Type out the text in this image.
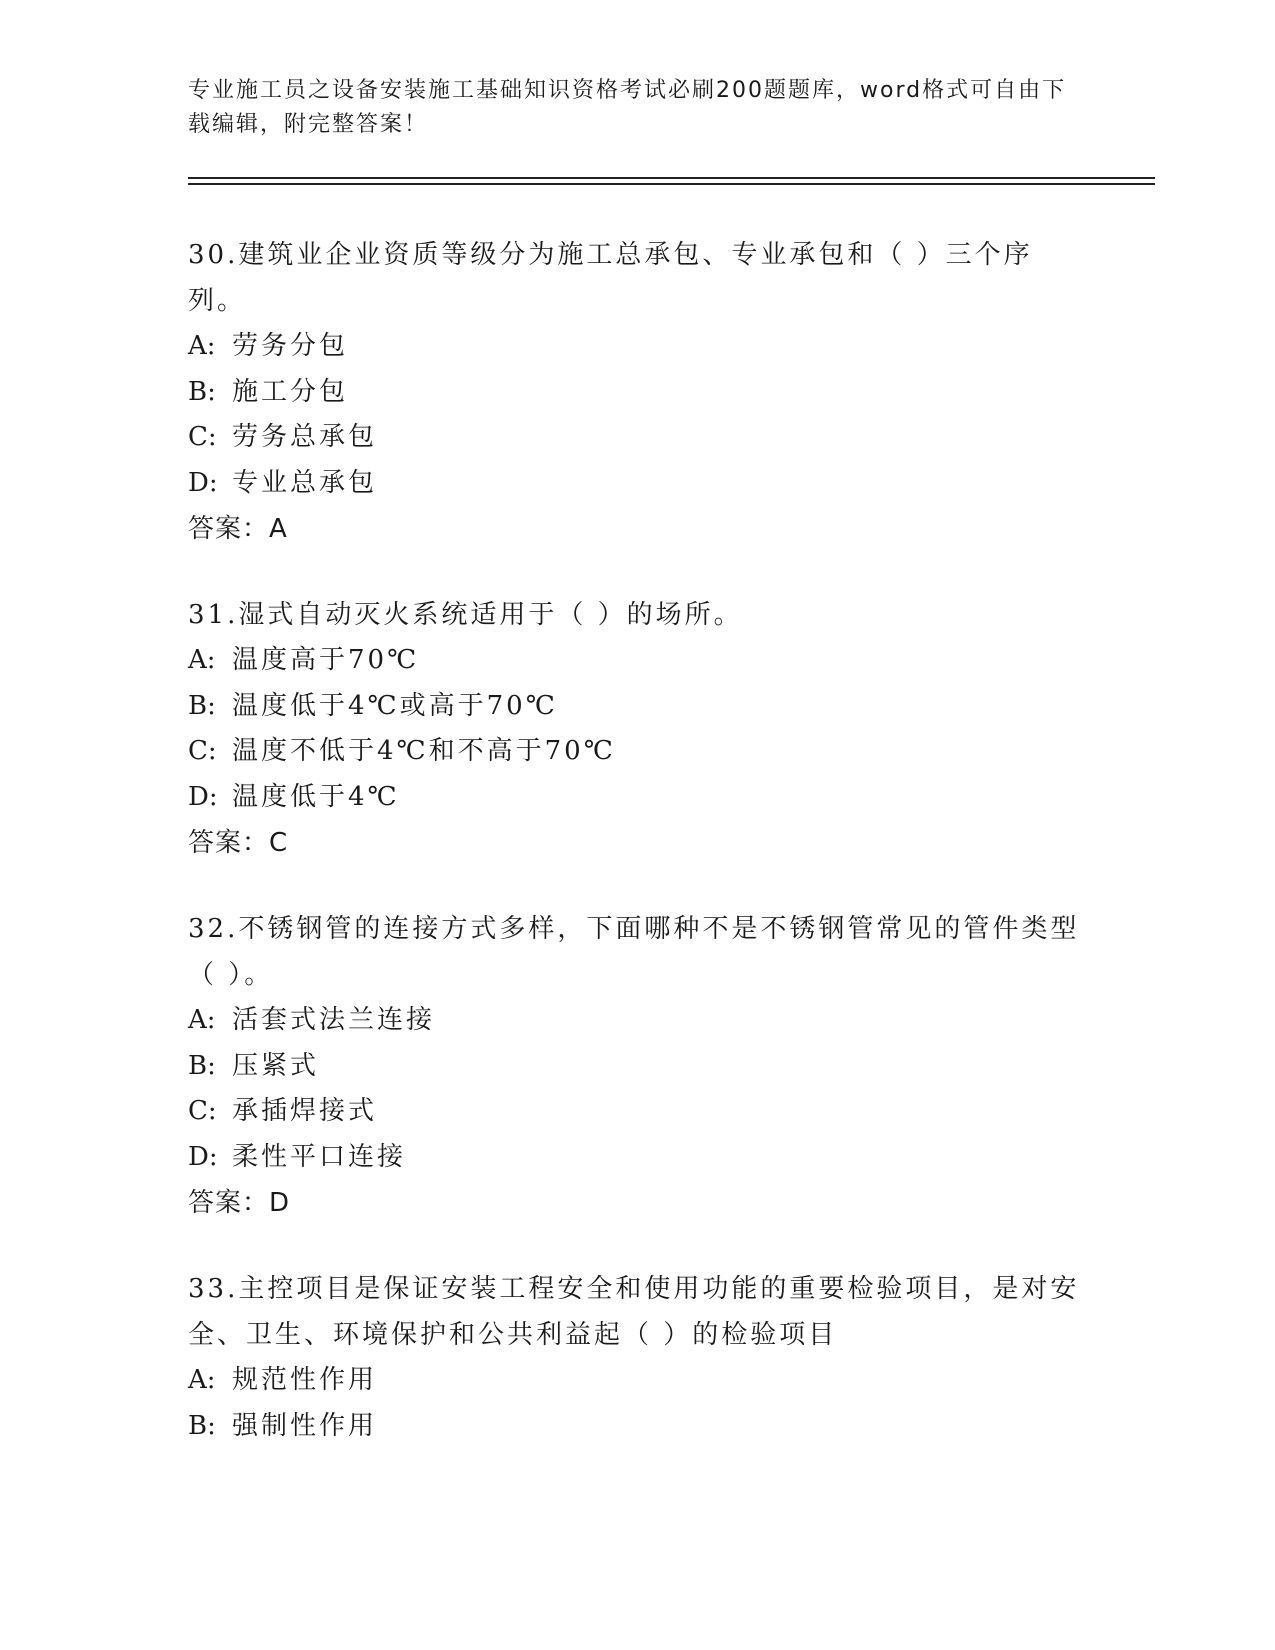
专业施工员之设备安装施工基础知识资格考试必刷200题题库，word格式可自由下载编辑，附完整答案！
30.建筑业企业资质等级分为施工总承包、专业承包和（ ）三个序列。
A: 劳务分包
B: 施工分包
C: 劳务总承包
D: 专业总承包
答案：A
31.湿式自动灭火系统适用于（ ）的场所。
A: 温度高于70℃
B: 温度低于4℃或高于70℃
C: 温度不低于4℃和不高于70℃
D: 温度低于4℃
答案：C
32.不锈钢管的连接方式多样，下面哪种不是不锈钢管常见的管件类型（ ）。
A: 活套式法兰连接
B: 压紧式
C: 承插焊接式
D: 柔性平口连接
答案：D
33.主控项目是保证安装工程安全和使用功能的重要检验项目，是对安全、卫生、环境保护和公共利益起（ ）的检验项目
A: 规范性作用
B: 强制性作用
